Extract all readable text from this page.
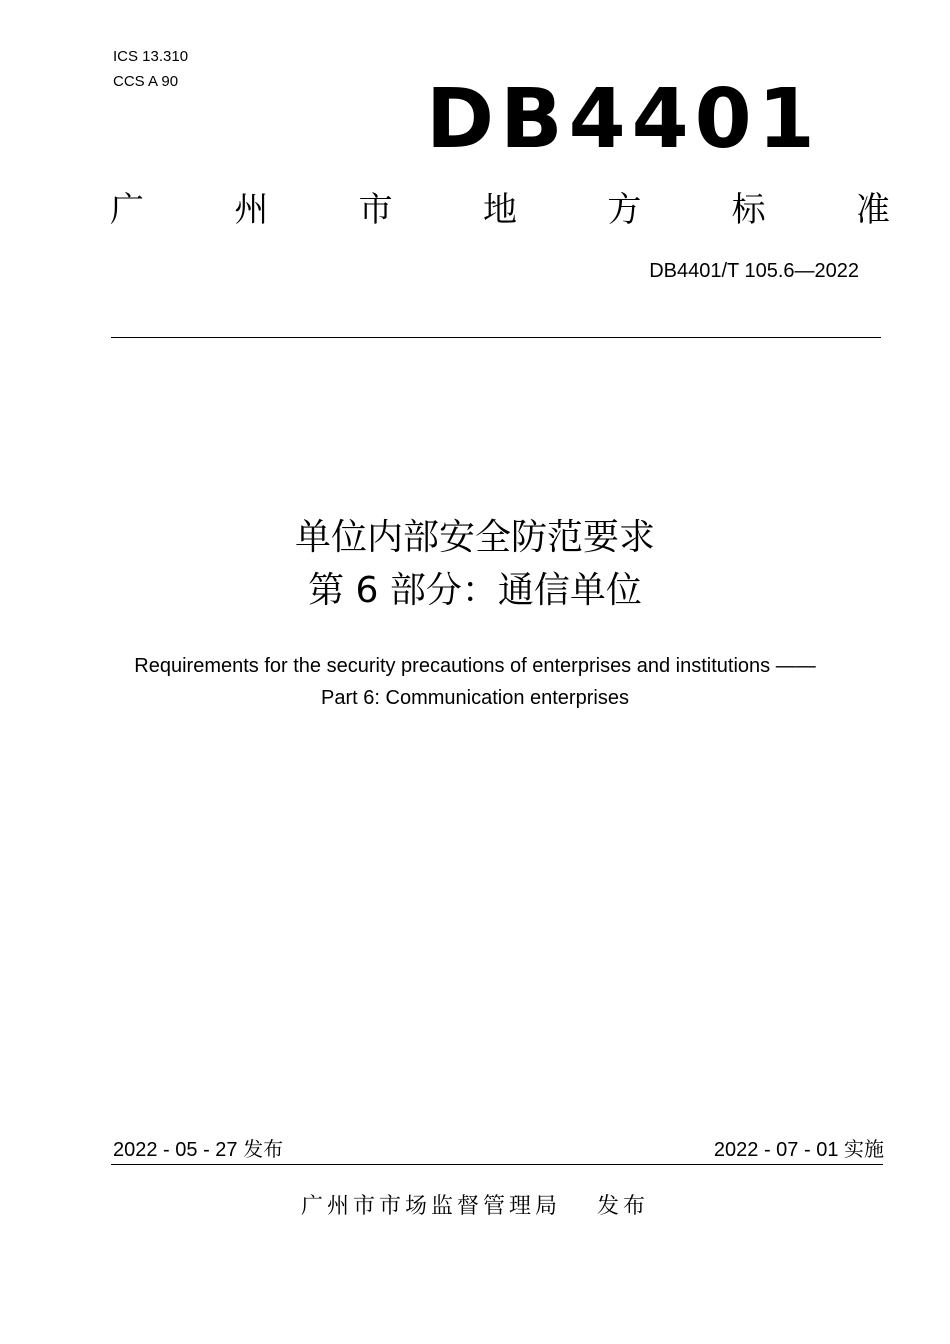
ICS 13.310
CCS A 90	DB4401
广	州	市	地	方	标	准
DB4401/T 105.6—2022
单位内部安全防范要求
第 6 部分：通信单位
Requirements for the security precautions of enterprises and institutions ——
Part 6: Communication enterprises
2022 - 05 - 27 发布	2022 - 07 - 01 实施
广州市市场监督管理局 发布
